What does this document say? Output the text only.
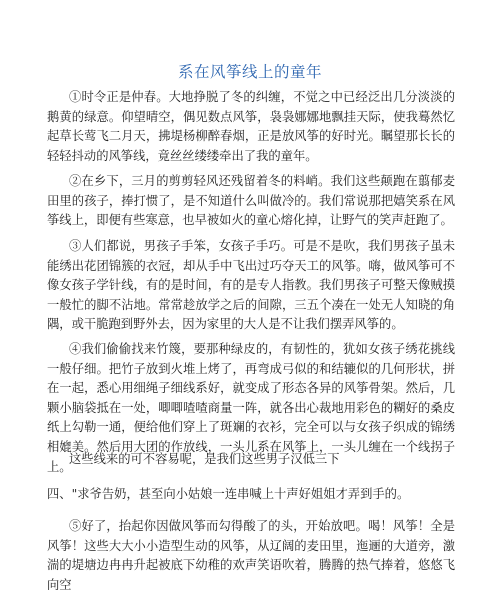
系在风筝线上的童年

①时令正是仲春。大地挣脱了冬的纠缠，不觉之中已经泛出几分淡淡的鹅黄的绿意。仰望晴空，偶见数点风筝，袅袅娜娜地飘挂天际，使我蓦然忆起草长莺飞二月天，拂堤杨柳醉春烟，正是放风筝的好时光。瞩望那长长的轻轻抖动的风筝线，竟丝丝缕缕牵出了我的童年。

②在乡下，三月的剪剪轻风还残留着冬的料峭。我们这些颠跑在翦郁麦田里的孩子，捧打惯了，是不知道什么叫做冷的。我们常说那把嬉笑系在风筝线上，即便有些寒意，也早被如火的童心熔化掉，让野气的笑声赶跑了。

③人们都说，男孩子手笨，女孩子手巧。可是不是吹，我们男孩子虽未能绣出花团锦簇的衣冠，却从手中飞出过巧夺天工的风筝。嗨，做风筝可不像女孩子学针线，有的是时间，有的是专人指教。我们男孩子可整天像贼摸一般忙的脚不沾地。常常趁放学之后的间隙，三五个凑在一处无人知晓的角隅，或干脆跑到野外去，因为家里的大人是不让我们摆弄风筝的。

④我们偷偷找来竹篾，要那种绿皮的，有韧性的，犹如女孩子绣花挑线一般仔细。把竹子放到火堆上烤了，再弯成弓似的和结辘似的几何形状，拼在一起，悉心用细绳子细线系好，就变成了形态各异的风筝骨架。然后，几颗小脑袋抵在一处，唧唧喳喳商量一阵，就各出心裁地用彩色的糊好的桑皮纸上勾勒一通，便给他们穿上了斑斓的衣衫，完全可以与女孩子织成的锦绣相媲美。然后用大团的作放线，一头儿系在风筝上，一头儿缠在一个线拐子上。

这些线来的可不容易呢，是我们这些男子汉低三下

四、"求爷告奶，甚至向小姑娘一连串喊上十声好姐姐才弄到手的。

⑤好了，抬起你因做风筝而勾得酸了的头，开始放吧。喝！风筝！全是风筝！这些大大小小造型生动的风筝，从辽阔的麦田里，迤逦的大道旁，激湍的堤塘边冉冉升起被底下幼稚的欢声笑语吹着，腾腾的热气捧着，悠悠飞向空
